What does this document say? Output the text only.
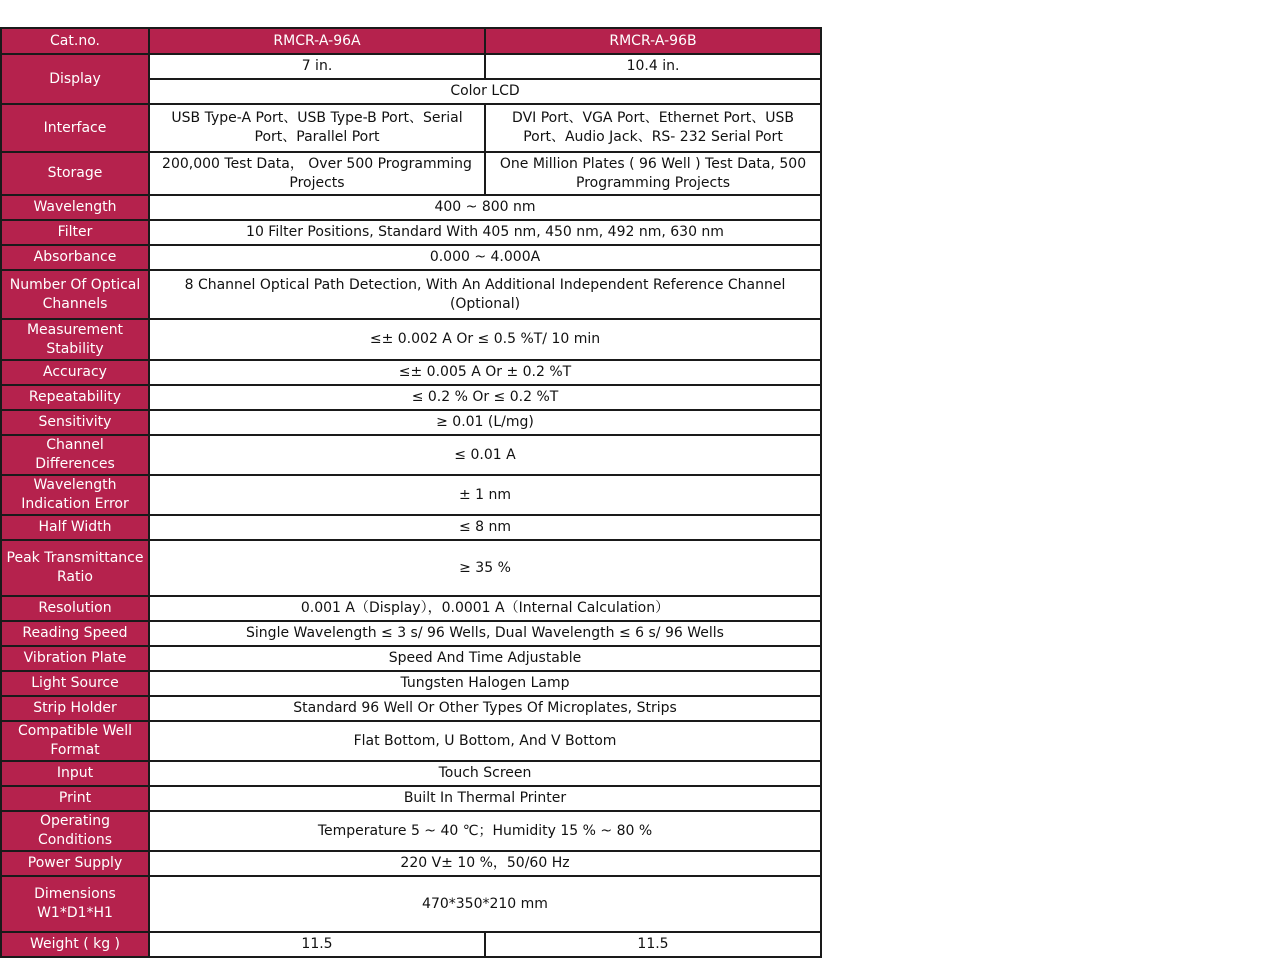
Cat.no.	RMCR-A-96A	RMCR-A-96B
Display	7 in.	10.4 in.
	Color LCD	
Interface	USB Type-A Port、USB Type-B Port、Serial Port、Parallel Port	DVI Port、VGA Port、Ethernet Port、USB Port、Audio Jack、RS- 232 Serial Port
Storage	200,000 Test Data， Over 500 Programming Projects	One Million Plates ( 96 Well ) Test Data, 500 Programming Projects
Wavelength	400 ~ 800 nm	
Filter	10 Filter Positions, Standard With 405 nm, 450 nm, 492 nm, 630 nm	
Absorbance	0.000 ~ 4.000A	
Number Of Optical Channels	8 Channel Optical Path Detection, With An Additional Independent Reference Channel (Optional)	
Measurement Stability	≤± 0.002 A Or ≤ 0.5 %T/ 10 min	
Accuracy	≤± 0.005 A Or ± 0.2 %T	
Repeatability	≤ 0.2 % Or ≤ 0.2 %T	
Sensitivity	≥ 0.01 (L/mg)	
Channel Differences	≤ 0.01 A	
Wavelength Indication Error	± 1 nm	
Half Width	≤ 8 nm	
Peak Transmittance Ratio	≥ 35 %	
Resolution	0.001 A（Display），0.0001 A（Internal Calculation）	
Reading Speed	Single Wavelength ≤ 3 s/ 96 Wells, Dual Wavelength ≤ 6 s/ 96 Wells	
Vibration Plate	Speed And Time Adjustable	
Light Source	Tungsten Halogen Lamp	
Strip Holder	Standard 96 Well Or Other Types Of Microplates, Strips	
Compatible Well Format	Flat Bottom, U Bottom, And V Bottom	
Input	Touch Screen	
Print	Built In Thermal Printer	
Operating Conditions	Temperature 5 ~ 40 ℃；Humidity 15 % ~ 80 %	
Power Supply	220 V± 10 %，50/60 Hz	
Dimensions W1*D1*H1	470*350*210 mm	
Weight ( kg )	11.5	11.5
